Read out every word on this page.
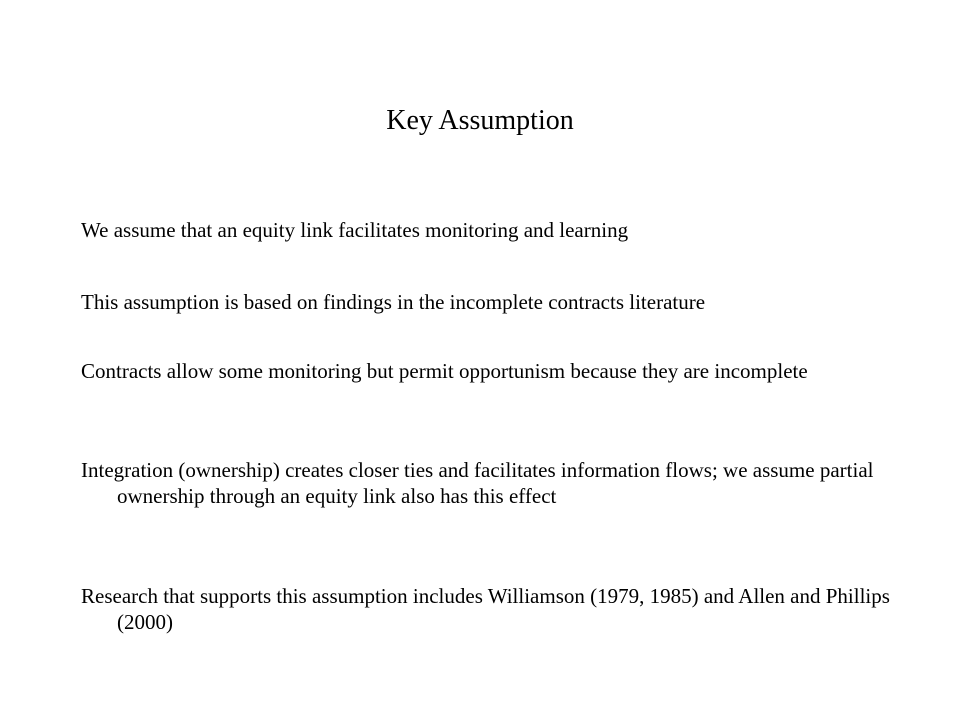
Key Assumption

We assume that an equity link facilitates monitoring and learning

This assumption is based on findings in the incomplete contracts literature

Contracts allow some monitoring but permit opportunism because they are incomplete

Integration (ownership) creates closer ties and facilitates information flows; we assume partial ownership through an equity link also has this effect

Research that supports this assumption includes Williamson (1979, 1985) and Allen and Phillips (2000)
